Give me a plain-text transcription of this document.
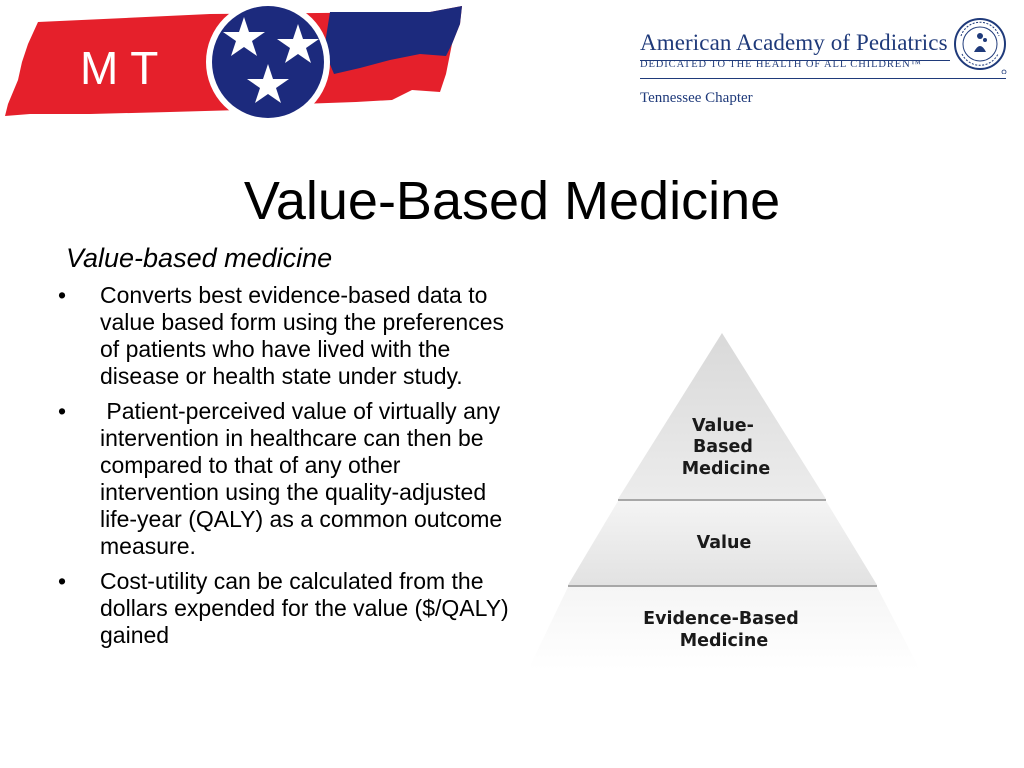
M T	American Academy of Pediatrics
DEDICATED TO THE HEALTH OF ALL CHILDREN™
Tennessee Chapter
Value-Based Medicine
Value-based medicine
• Converts best evidence-based data to value based form using the preferences of patients who have lived with the disease or health state under study.
• Patient-perceived value of virtually any intervention in healthcare can then be compared to that of any other intervention using the quality-adjusted life-year (QALY) as a common outcome measure.
• Cost-utility can be calculated from the dollars expended for the value ($/QALY) gained
Value- Based Medicine
Value
Evidence-Based Medicine
